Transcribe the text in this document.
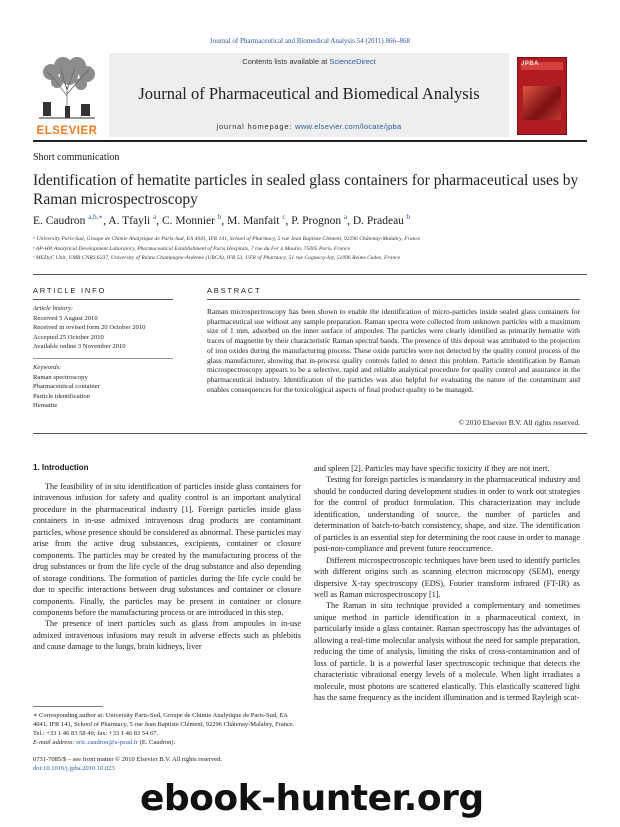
Journal of Pharmaceutical and Biomedical Analysis 54 (2011) 866–868
ELSEVIER
Contents lists available at ScienceDirect
Journal of Pharmaceutical and Biomedical Analysis
journal homepage: www.elsevier.com/locate/jpba
JPBA
Short communication
Identification of hematite particles in sealed glass containers for pharmaceutical uses by Raman microspectroscopy
E. Caudron $^{a,b,∗}$, A. Tfayli $^a$, C. Monnier $^b$, M. Manfait $^c$, P. Prognon $^a$, D. Pradeau $^b$
ᵃ University Paris-Sud, Groupe de Chimie Analytique de Paris-Sud, EA 4041, IFR 141, School of Pharmacy, 5 rue Jean Baptiste Clément, 92296 Châtenay-Malabry, France
ᵇ AP-HP, Analytical Development Laboratory, Pharmaceutical Establishment of Paris Hospitals, 7 rue du Fer à Moulin, 75005 Paris, France
ᶜ MEDyC Unit, UMR CNRS 6237, University of Reims Champagne-Ardenne (URCA), IFR 53, UFR of Pharmacy, 51 rue Cognacq-Jay, 51096 Reims Cedex, France
ARTICLE INFO
Article history:
Received 5 August 2010
Received in revised form 20 October 2010
Accepted 25 October 2010
Available online 3 November 2010
Keywords:
Raman spectroscopy
Pharmaceutical container
Particle identification
Hematite
ABSTRACT
Raman microspectroscopy has been shown to enable the identification of micro-particles inside sealed glass containers for pharmaceutical use without any sample preparation. Raman spectra were collected from unknown particles with a maximum size of 1 mm, adsorbed on the inner surface of ampoules. The particles were clearly identified as primarily hematite with traces of magnetite by their characteristic Raman spectral bands. The presence of this deposit was attributed to the projection of iron oxides during the manufacturing process. These oxide particles were not detected by the quality control process of the glass manufacturer, showing that in-process quality controls failed to detect this problem. Particle identification by Raman microspectroscopy appears to be a selective, rapid and reliable analytical procedure for quality control and assurance in the pharmaceutical industry. Identification of the particles was also helpful for evaluating the nature of the contaminant and enables consequences for the toxicological aspects of final product quality to be managed.
© 2010 Elsevier B.V. All rights reserved.
1. Introduction

The feasibility of in situ identification of particles inside glass containers for intravenous infusion for safety and quality control is an important analytical procedure in the pharmaceutical industry [1]. Foreign particles inside glass containers in in-use admixed intravenous drug products are contaminant particles, whose presence should be considered as abnormal. These particles may arise from the active drug substances, excipients, container or closure components. The particles may be created by the manufacturing process of the drug substances or from the life cycle of the drug substance and also depending of storage conditions. The formation of particles during the life cycle could be due to specific interactions between drug substances and container or closure components. Finally, the particles may be present in container or closure components before the manufacturing process or are introduced in this step.

The presence of inert particles such as glass from ampoules in in-use admixed intravenous infusions may result in adverse effects such as phlebitis and cause damage to the lungs, brain kidneys, liver

∗ Corresponding author at: University Paris-Sud, Groupe de Chimie Analytique de Paris-Sud, EA 4041, IFR 141, School of Pharmacy, 5 rue Jean Baptiste Clément, 92296 Châtenay-Malabry, France. Tel.: +33 1 46 83 58 49; fax: +33 1 46 83 54 67.
E-mail address: eric.caudron@u-psud.fr (E. Caudron).
0731-7085/$ – see front matter © 2010 Elsevier B.V. All rights reserved.
doi:10.1016/j.jpba.2010.10.023
and spleen [2]. Particles may have specific toxicity if they are not inert.

Testing for foreign particles is mandatory in the pharmaceutical industry and should be conducted during development studies in order to work out strategies for the control of product formulation. This characterization may include identification, understanding of source, the number of particles and determination of batch-to-batch consistency, shape, and size. The identification of particles is an essential step for determining the root cause in order to manage post-non-compliance and prevent future reoccurrence.

Different microspectroscopic techniques have been used to identify particles with different origins such as scanning electron microscopy (SEM), energy dispersive X-ray spectroscopy (EDS), Fourier transform infrared (FT-IR) as well as Raman microspectroscopy [1].

The Raman in situ technique provided a complementary and sometimes unique method in particle identification in a pharmaceutical context, in particularly inside a glass container. Raman spectroscopy has the advantages of allowing a real-time molecular analysis without the need for sample preparation, reducing the time of analysis, limiting the risks of cross-contamination and of loss of particle. It is a powerful laser spectroscopic technique that detects the characteristic vibrational energy levels of a molecule. When light irradiates a molecule, most photons are scattered elastically. This elastically scattered light has the same frequency as the incident illumination and is termed Rayleigh scat-

ebook-hunter.org
